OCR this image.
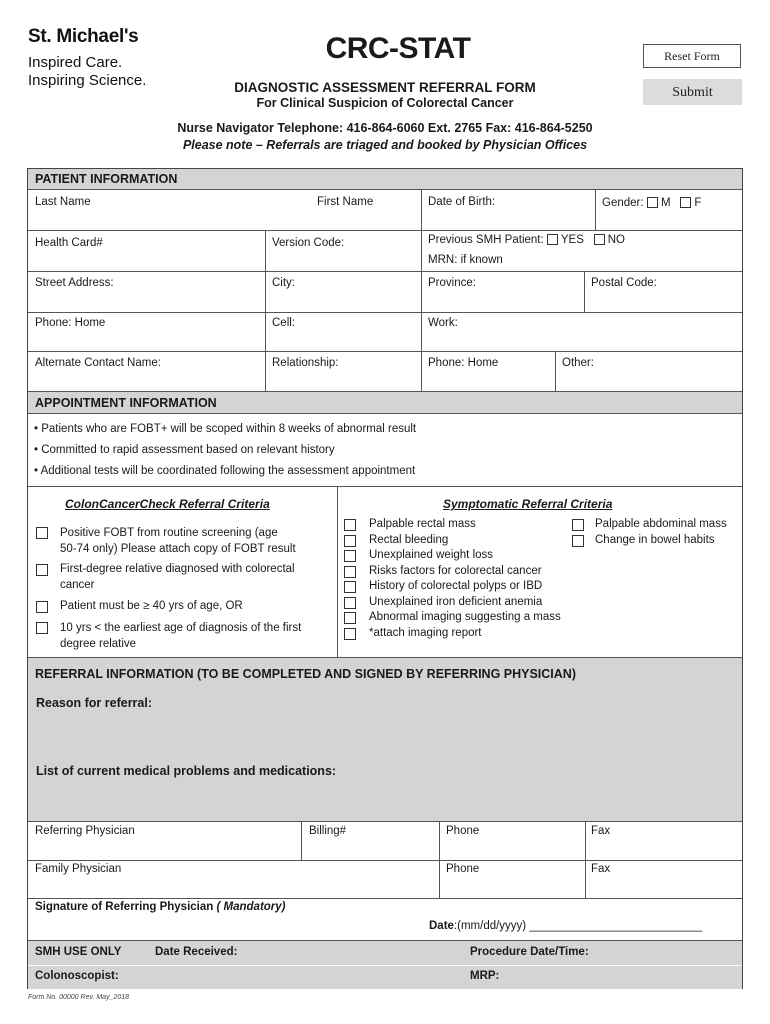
St. Michael's
Inspired Care.
Inspiring Science.
CRC-STAT
DIAGNOSTIC ASSESSMENT REFERRAL FORM
For Clinical Suspicion of Colorectal Cancer
Reset Form
Submit
Nurse Navigator Telephone: 416-864-6060 Ext. 2765 Fax: 416-864-5250
Please note – Referrals are triaged and booked by Physician Offices
PATIENT INFORMATION
Last Name	First Name	Date of Birth:	Gender: M F
Health Card#	Version Code:	Previous SMH Patient: YES NO
MRN: if known
Street Address:	City:	Province:	Postal Code:
Phone: Home	Cell:	Work:
Alternate Contact Name:	Relationship:	Phone: Home	Other:
APPOINTMENT INFORMATION
• Patients who are FOBT+ will be scoped within 8 weeks of abnormal result
• Committed to rapid assessment based on relevant history
• Additional tests will be coordinated following the assessment appointment
ColonCancerCheck Referral Criteria	Symptomatic Referral Criteria
Positive FOBT from routine screening (age
50-74 only) Please attach copy of FOBT result
First-degree relative diagnosed with colorectal
cancer
Patient must be ≥ 40 yrs of age, OR
10 yrs < the earliest age of diagnosis of the first
degree relative
Palpable rectal mass
Rectal bleeding
Unexplained weight loss
Risks factors for colorectal cancer
History of colorectal polyps or IBD
Unexplained iron deficient anemia
Abnormal imaging suggesting a mass
*attach imaging report
Palpable abdominal mass
Change in bowel habits
REFERRAL INFORMATION (TO BE COMPLETED AND SIGNED BY REFERRING PHYSICIAN)
Reason for referral:
List of current medical problems and medications:
Referring Physician	Billing#	Phone	Fax
Family Physician	Phone	Fax
Signature of Referring Physician ( Mandatory)
Date:(mm/dd/yyyy) ___________________________
SMH USE ONLY	Date Received:	Procedure Date/Time:
Colonoscopist:	MRP:
Form No. 00000 Rev. May_2018
